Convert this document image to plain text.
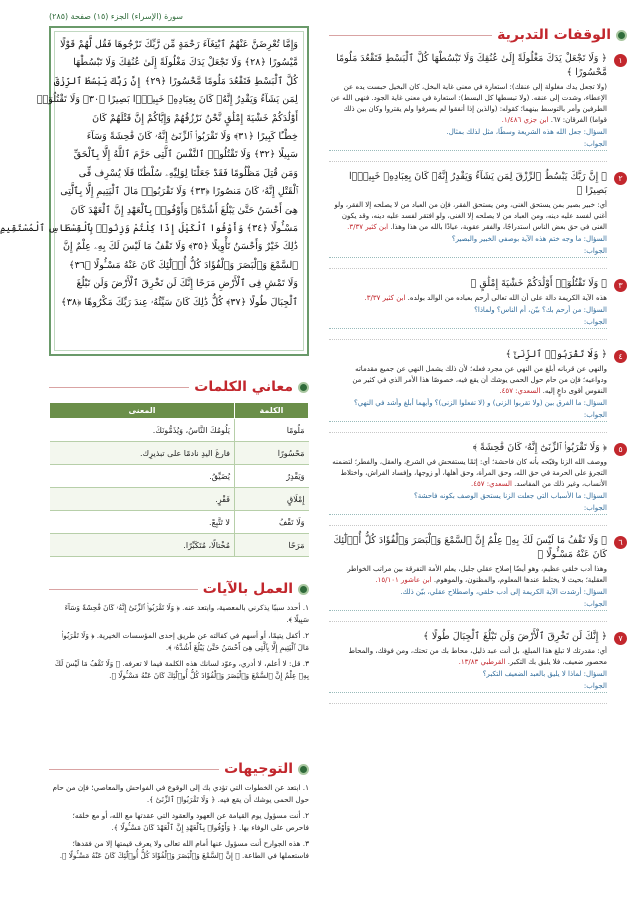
الوقفات التدبرية
١
﴿ وَلَا تَجْعَلْ يَدَكَ مَغْلُولَةً إِلَىٰ عُنُقِكَ وَلَا تَبْسُطْهَا كُلَّ ٱلْبَسْطِ فَتَقْعُدَ مَلُومًا مَّحْسُورًا ﴾
(ولا تجعل يدك مغلولة إلى عنقك): استعارة في معنى غاية البخل، كان البخيل حبست يده عن الإعطاء، وشدت إلى عنقه. (ولا تبسطها كل البسط): استعارة في معنى غاية الجود. فنهى الله عن الطرفين وأمر بالتوسط بينهما؛ كقوله: (والذين إذا أنفقوا لم يسرفوا ولم يقتروا وكان بين ذلك قواما) الفرقان: ٦٧. ابن جزي ١/٤٨٦.
السؤال: جعل الله هذه الشريعة وسطًا، مثل لذلك بمثال.
الجواب:
٢
﴿ إِنَّ رَبَّكَ يَبْسُطُ ٱلرِّزْقَ لِمَن يَشَآءُ وَيَقْدِرُ إِنَّهُۥ كَانَ بِعِبَادِهِۦ خَبِيرًۢا بَصِيرًا ﴾
أي: خبير بصير بمن يستحق الغنى، ومن يستحق الفقر، فإن من العباد من لا يصلحه إلا الفقر، ولو أغني لفسد عليه دينه، ومن العباد من لا يصلحه إلا الغنى، ولو افتقر لفسد عليه دينه، وقد يكون الغنى في حق بعض الناس استدراجًا، والفقر عقوبة، عياذًا بالله من هذا وهذا. ابن كثير ٣/٣٧.
السؤال: ما وجه ختم هذه الآية بوصفي الخبير والبصير؟
الجواب:
٣
﴿ وَلَا تَقْتُلُوٓا۟ أَوْلَٰدَكُمْ خَشْيَةَ إِمْلَٰقٍ ﴾
هذه الآية الكريمة دالة على أن الله تعالى أرحم بعباده من الوالد بولده. ابن كثير ٣/٣٧.
السؤال: من أرحم بك؟ بيّن، أم الناس؟ ولماذا؟
الجواب:
٤
﴿ وَلَا تَقْرَبُوا۟ ٱلزِّنَىٰٓ ﴾
والنهي عن قربانه أبلغ من النهي عن مجرد فعله؛ لأن ذلك يشمل النهي عن جميع مقدماته ودواعيه؛ فإن من حام حول الحمى يوشك أن يقع فيه، خصوصًا هذا الأمر الذي في كثير من النفوس أقوى داعٍ إليه. السعدي: ٤٥٧.
السؤال: ما الفرق بين (ولا تقربوا الزنى) و (لا تفعلوا الزنى)؟ وأيهما أبلغ وأشد في النهي؟
الجواب:
٥
﴿ وَلَا تَقْرَبُوا۟ ٱلزِّنَىٰٓ إِنَّهُۥ كَانَ فَٰحِشَةً ﴾
ووصف الله الزنا وقبّحه بأنه كان فاحشة؛ أي: إثمًا يستفحش في الشرع، والعقل، والفطر؛ لتضمنه التجرؤ على الحرمة في حق الله، وحق المرأة، وحق أهلها، أو زوجها، وإفساد الفراش، واختلاط الأنساب، وغير ذلك من المفاسد. السعدي: ٤٥٧.
السؤال: ما الأسباب التي جعلت الزنا يستحق الوصف بكونه فاحشة؟
الجواب:
٦
﴿ وَلَا تَقْفُ مَا لَيْسَ لَكَ بِهِۦ عِلْمٌ إِنَّ ٱلسَّمْعَ وَٱلْبَصَرَ وَٱلْفُؤَادَ كُلُّ أُو۟لَٰٓئِكَ كَانَ عَنْهُ مَسْـُٔولًا ﴾
وهذا أدب خلقي عظيم، وهو أيضًا إصلاح عقلي جليل، يعلم الأمة التفرقة بين مراتب الخواطر العقلية؛ بحيث لا يختلط عندها المعلوم، والمظنون، والموهوم. ابن عاشور ١٥/١٠١.
السؤال: أرشدت الآية الكريمة إلى أدب خلقي، واصطلاح عقلي، بيّن ذلك.
الجواب:
٧
﴿ إِنَّكَ لَن تَخْرِقَ ٱلْأَرْضَ وَلَن تَبْلُغَ ٱلْجِبَالَ طُولًا ﴾
أي: مقدرتك لا تبلغ هذا المبلغ، بل أنت عبد ذليل، محاط بك من تحتك، ومن فوقك، والمحاط محصور ضعيف، فلا يليق بك التكبر. القرطبي ١٣/٨٣.
السؤال: لماذا لا يليق بالعبد الضعيف التكبر؟
الجواب:
سورة (الإسراء) الجزء (١٥) صفحة (٢٨٥)
وَإِمَّا تُعْرِضَنَّ عَنْهُمُ ٱبْتِغَآءَ رَحْمَةٍ مِّن رَّبِّكَ تَرْجُوهَا فَقُل لَّهُمْ قَوْلًا
مَّيْسُورًا ﴿٢٨﴾ وَلَا تَجْعَلْ يَدَكَ مَغْلُولَةً إِلَىٰ عُنُقِكَ وَلَا تَبْسُطْهَا
كُلَّ ٱلْبَسْطِ فَتَقْعُدَ مَلُومًا مَّحْسُورًا ﴿٢٩﴾ إِنَّ رَبَّكَ يَبْسُطُ ٱلرِّزْقَ
لِمَن يَشَآءُ وَيَقْدِرُ إِنَّهُۥ كَانَ بِعِبَادِهِۦ خَبِيرًۢا بَصِيرًا ﴿٣٠﴾ وَلَا تَقْتُلُوٓا۟
أَوْلَٰدَكُمْ خَشْيَةَ إِمْلَٰقٍ نَّحْنُ نَرْزُقُهُمْ وَإِيَّاكُمْ إِنَّ قَتْلَهُمْ كَانَ
خِطْـًٔا كَبِيرًا ﴿٣١﴾ وَلَا تَقْرَبُوا۟ ٱلزِّنَىٰٓ إِنَّهُۥ كَانَ فَٰحِشَةً وَسَآءَ
سَبِيلًا ﴿٣٢﴾ وَلَا تَقْتُلُوا۟ ٱلنَّفْسَ ٱلَّتِى حَرَّمَ ٱللَّهُ إِلَّا بِٱلْحَقِّ
وَمَن قُتِلَ مَظْلُومًا فَقَدْ جَعَلْنَا لِوَلِيِّهِۦ سُلْطَٰنًا فَلَا يُسْرِف فِّى
ٱلْقَتْلِ إِنَّهُۥ كَانَ مَنصُورًا ﴿٣٣﴾ وَلَا تَقْرَبُوا۟ مَالَ ٱلْيَتِيمِ إِلَّا بِٱلَّتِى
هِىَ أَحْسَنُ حَتَّىٰ يَبْلُغَ أَشُدَّهُۥ وَأَوْفُوا۟ بِٱلْعَهْدِ إِنَّ ٱلْعَهْدَ كَانَ
مَسْـُٔولًا ﴿٣٤﴾ وَأَوْفُوا ٱلْكَيْلَ إِذَا كِلْتُمْ وَزِنُوا۟ بِٱلْقِسْطَاسِ ٱلْمُسْتَقِيمِ
ذَٰلِكَ خَيْرٌ وَأَحْسَنُ تَأْوِيلًا ﴿٣٥﴾ وَلَا تَقْفُ مَا لَيْسَ لَكَ بِهِۦ عِلْمٌ إِنَّ
ٱلسَّمْعَ وَٱلْبَصَرَ وَٱلْفُؤَادَ كُلُّ أُو۟لَٰٓئِكَ كَانَ عَنْهُ مَسْـُٔولًا ﴿٣٦﴾
وَلَا تَمْشِ فِى ٱلْأَرْضِ مَرَحًا إِنَّكَ لَن تَخْرِقَ ٱلْأَرْضَ وَلَن تَبْلُغَ
ٱلْجِبَالَ طُولًا ﴿٣٧﴾ كُلُّ ذَٰلِكَ كَانَ سَيِّئُهُۥ عِندَ رَبِّكَ مَكْرُوهًا ﴿٣٨﴾
معاني الكلمات
الكلمة	المعنى
مَلُومًا	يَلُومُكَ النَّاسُ، وَيُذَمُّونَكَ.
مَحْسُورًا	فارغَ اليدِ نادمًا على تبذيرِك.
وَيَقْدِرُ	يُضَيِّقُ.
إِمْلَاقٍ	فَقْرٍ.
وَلَا تَقْفُ	لا تَتَّبِعْ.
مَرَحًا	مُخْتالًا، مُتَكَبِّرًا.
العمل بالآيات
١. أحدد سببًا يذكرني بالمعصية، وابتعد عنه. ﴿ وَلَا تَقْرَبُوا۟ ٱلزِّنَىٰٓ إِنَّهُۥ كَانَ فَٰحِشَةً وَسَآءَ سَبِيلًا ﴾.
٢. أكفل يتيمًا، أو أسهم في كفالته عن طريق إحدى المؤسسات الخيرية. ﴿ وَلَا تَقْرَبُوا۟ مَالَ ٱلْيَتِيمِ إِلَّا بِٱلَّتِى هِىَ أَحْسَنُ حَتَّىٰ يَبْلُغَ أَشُدَّهُۥ ﴾.
٣. قل: لا أعلم، لا أدري، وعوّد لسانك هذه الكلمة فيما لا تعرفه. ﴿ وَلَا تَقْفُ مَا لَيْسَ لَكَ بِهِۦ عِلْمٌ إِنَّ ٱلسَّمْعَ وَٱلْبَصَرَ وَٱلْفُؤَادَ كُلُّ أُو۟لَٰٓئِكَ كَانَ عَنْهُ مَسْـُٔولًا ﴾.
التوجيهات
١. ابتعد عن الخطوات التي تؤدي بك إلى الوقوع في الفواحش والمعاصي؛ فإن من حام حول الحمى يوشك أن يقع فيه. ﴿ وَلَا تَقْرَبُوا۟ ٱلزِّنَىٰٓ ﴾.
٢. أنت مسؤول يوم القيامة عن العهود والعقود التي عقدتها مع الله، أو مع خلقه؛ فاحرص على الوفاء بها. ﴿ وَأَوْفُوا۟ بِٱلْعَهْدِ إِنَّ ٱلْعَهْدَ كَانَ مَسْـُٔولًا ﴾.
٣. هذه الجوارح أنت مسؤول عنها أمام الله تعالى ولا يعرف قيمتها إلا من فقدها؛ فاستعملها في الطاعة. ﴿ إِنَّ ٱلسَّمْعَ وَٱلْبَصَرَ وَٱلْفُؤَادَ كُلُّ أُو۟لَٰٓئِكَ كَانَ عَنْهُ مَسْـُٔولًا ﴾.
